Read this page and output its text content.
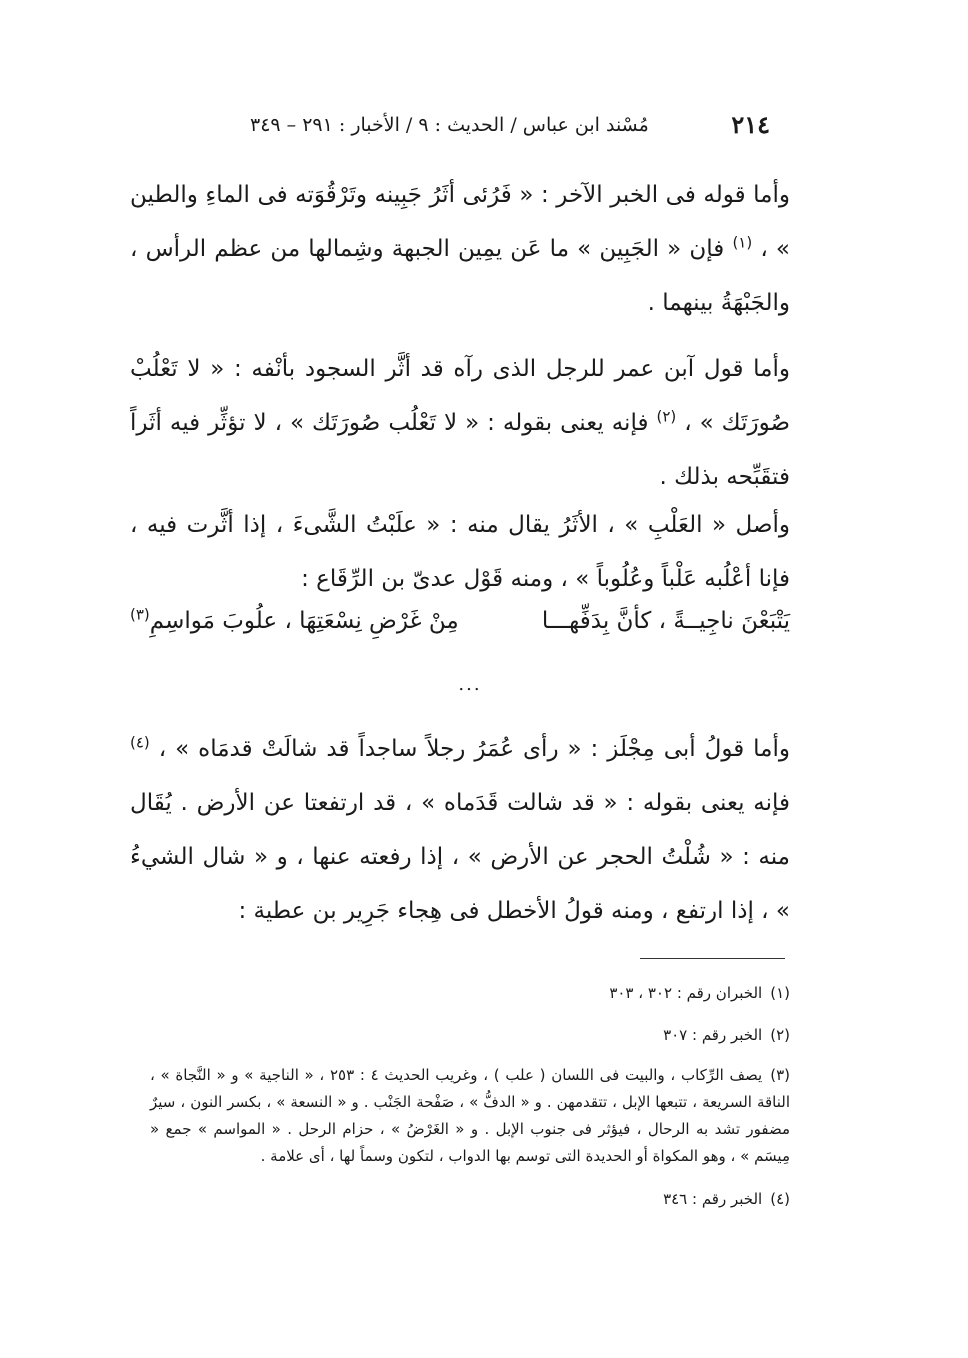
٢١٤
مُسْند ابن عباس / الحديث : ٩ / الأخبار : ٢٩١ – ٣٤٩

وأما قوله فى الخبر الآخر : « فَرُئى أثَرُ جَبِينه وتَرْقُوَته فى الماءِ والطين » ، $^{(١)}$ فإن « الجَبِين » ما عَن يمِين الجبهة وشِمالها من عظم الرأس ، والجَبْهَةُ بينهما .

وأما قول آبن عمر للرجل الذى رآه قد أثَّر السجود بأنْفه : « لا تَعْلُبْ صُورَتَك » ، $^{(٢)}$ فإنه يعنى بقوله : « لا تَعْلُب صُورَتَك » ، لا تؤثِّر فيه أثَراً فتقَبِّحه بذلك .

وأصل « العَلْبِ » ، الأثَرُ يقال منه : « علَبْتُ الشَّىءَ ، إذا أثَّرت فيه ، فإنا أعْلُبه عَلْباً وعُلُوباً » ، ومنه قَوْل عدىّ بن الرِّقَاع :

يَتْبَعْنَ ناجِيــةً ، كأنَّ بِدَفِّهـــا
مِنْ غَرْضِ نِسْعَتِهَا ، علُوبَ مَواسِمِ$^{(٣)}$
...

وأما قولُ أبى مِجْلَز : « رأى عُمَرُ رجلاً ساجداً قد شالَتْ قدمَاه » ، $^{(٤)}$ فإنه يعنى بقوله : « قد شالت قَدَماه » ، قد ارتفعتا عن الأرض . يُقَال منه : « شُلْتُ الحجر عن الأرض » ، إذا رفعته عنها ، و « شال الشيءُ » ، إذا ارتفع ، ومنه قولُ الأخطل فى هِجاء جَرِير بن عطية :

(١)الخبران رقم : ٣٠٢ ، ٣٠٣

(٢)الخبر رقم : ٣٠٧

(٣)يصف الرِّكاب ، والبيت فى اللسان ( علب ) ، وغريب الحديث ٤ : ٢٥٣ ، « الناجية » و « النَّجاة » ، الناقة السريعة ، تتبعها الإبل ، تتقدمهن . و « الدفُّ » ، صَفْحة الجَنْب . و « النسعة » ، بكسر النون ، سيرٌ مضفور تشد به الرحال ، فيؤثر فى جنوب الإبل . و « الغَرْضُ » ، حزام الرحل . « المواسم » جمع « مِيسَم » ، وهو المكواة أو الحديدة التى توسم بها الدواب ، لتكون وسماً لها ، أى علامة .

(٤)الخبر رقم : ٣٤٦
